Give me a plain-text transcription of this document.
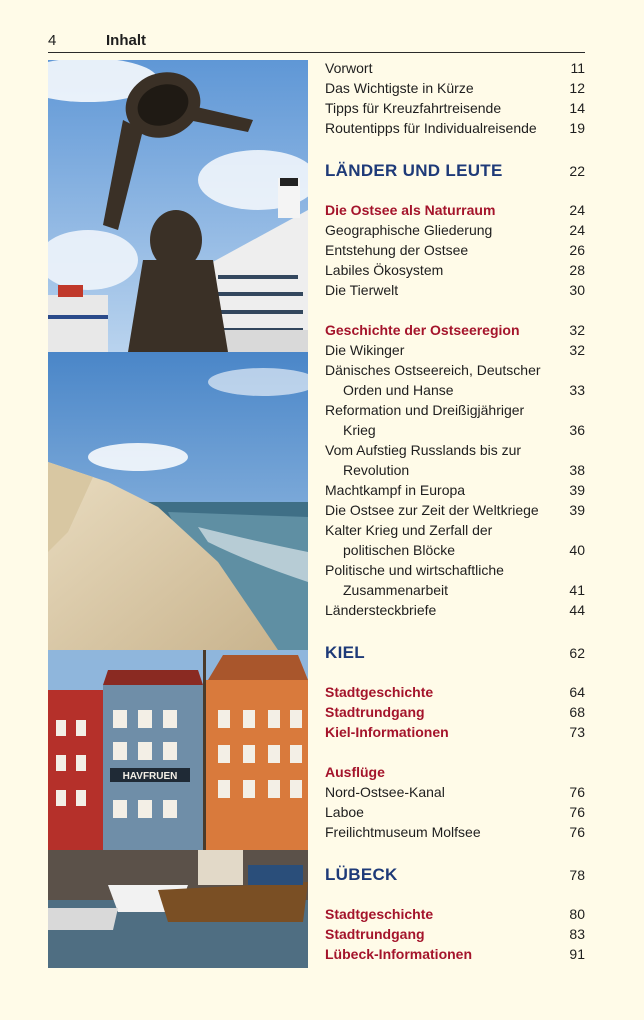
4	Inhalt
HAVFRUEN
Vorwort	11
Das Wichtigste in Kürze	12
Tipps für Kreuzfahrtreisende	14
Routentipps für Individualreisende 19
LÄNDER UND LEUTE	22
Die Ostsee als Naturraum	24
Geographische Gliederung	24
Entstehung der Ostsee	26
Labiles Ökosystem	28
Die Tierwelt	30
Geschichte der Ostseeregion	32
Die Wikinger	32
Dänisches Ostseereich, Deutscher
Orden und Hanse	33
Reformation und Dreißigjähriger
Krieg	36
Vom Aufstieg Russlands bis zur
Revolution	38
Machtkampf in Europa	39
Die Ostsee zur Zeit der Weltkriege 39
Kalter Krieg und Zerfall der
politischen Blöcke	40
Politische und wirtschaftliche
Zusammenarbeit	41
Ländersteckbriefe	44
KIEL	62
Stadtgeschichte	64
Stadtrundgang	68
Kiel-Informationen	73
Ausflüge
Nord-Ostsee-Kanal	76
Laboe	76
Freilichtmuseum Molfsee	76
LÜBECK	78
Stadtgeschichte	80
Stadtrundgang	83
Lübeck-Informationen	91
